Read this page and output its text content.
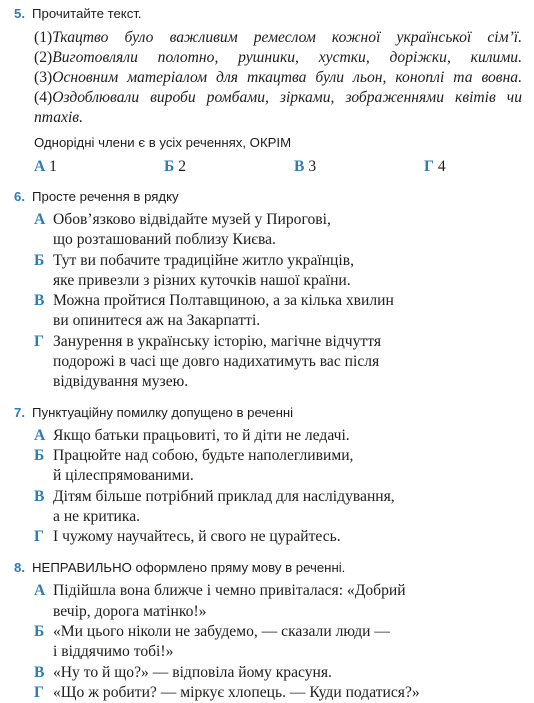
5. Прочитайте текст.
(1)Ткацтво було важливим ремеслом кожної української сім’ї. (2)Виготовляли полотно, рушники, хустки, доріжки, килими. (3)Основним матеріалом для ткацтва були льон, коноплі та вовна. (4)Оздоблювали вироби ромбами, зірками, зображеннями квітів чи птахів.
Однорідні члени є в усіх реченнях, ОКРІМ
А 1	Б 2	В 3	Г 4
6. Просте речення в рядку
А Обов’язково відвідайте музей у Пирогові,
що розташований поблизу Києва.
Б Тут ви побачите традиційне житло українців,
яке привезли з різних куточків нашої країни.
В Можна пройтися Полтавщиною, а за кілька хвилин
ви опинитеся аж на Закарпатті.
Г Занурення в українську історію, магічне відчуття
подорожі в часі ще довго надихатимуть вас після
відвідування музею.
7. Пунктуаційну помилку допущено в реченні
А Якщо батьки працьовиті, то й діти не ледачі.
Б Працюйте над собою, будьте наполегливими,
й цілеспрямованими.
В Дітям більше потрібний приклад для наслідування,
а не критика.
Г І чужому научайтесь, й свого не цурайтесь.
8. НЕПРАВИЛЬНО оформлено пряму мову в реченні.
А Підійшла вона ближче і чемно привіталася: «Добрий
вечір, дорога матінко!»
Б «Ми цього ніколи не забудемо, — сказали люди —
і віддячимо тобі!»
В «Ну то й що?» — відповіла йому красуня.
Г «Що ж робити? — міркує хлопець. — Куди податися?»
